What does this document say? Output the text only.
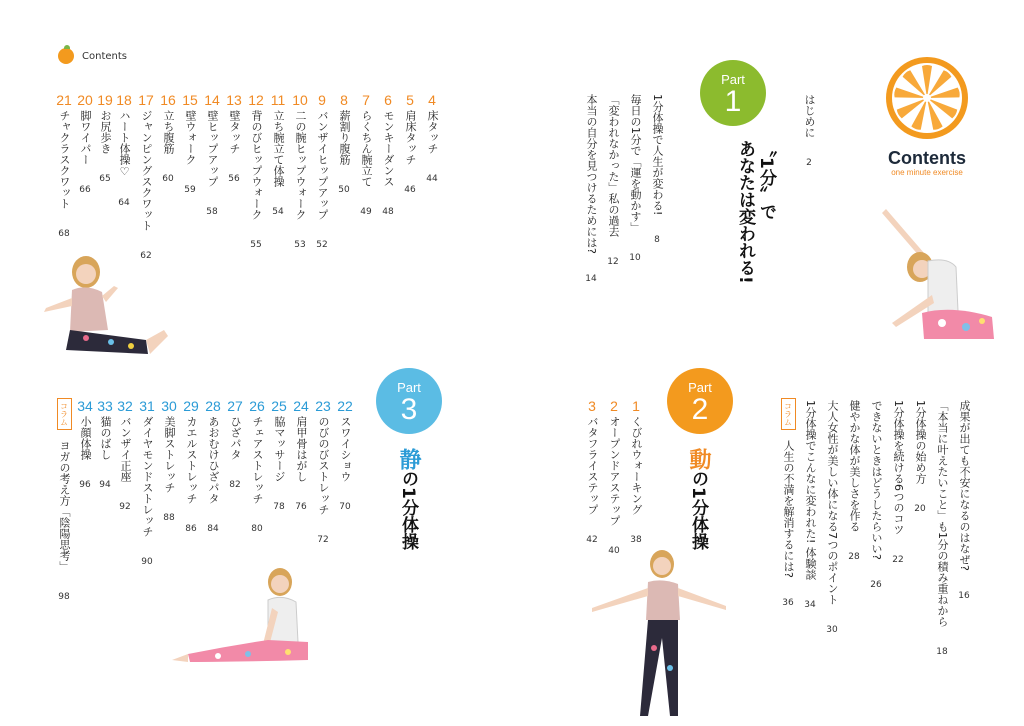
Contents
4
床タッチ44
5
肩床タッチ46
6
モンキーダンス48
7
らくちん腕立て49
8
薪割り腹筋50
9
バンザイヒップアップ52
10
二の腕ヒップウォーク53
11
立ち腕立て体操54
12
背のびヒップウォーク55
13
壁タッチ56
14
壁ヒップアップ58
15
壁ウォーク59
16
立ち腹筋60
17
ジャンピングスクワット62
18
ハート体操♡64
19
お尻歩き65
20
脚ワイパー66
21
チャクラスクワット68
Contents
one minute exercise
はじめに2
Part
1
〝1分〟で
あなたは変われる!
1分体操で人生が変わる!8
毎日の1分で「運を動かす」10
「変われなかった」私の過去12
本当の自分を見つけるためには?14
成果が出ても不安になるのはなぜ?16
「本当に叶えたいこと」も1分の積み重ねから18
1分体操の始め方20
1分体操を続ける6つのコツ22
できないときはどうしたらいい?26
健やかな体が美しさを作る28
大人女性が美しい体になる7つのポイント30
1分体操でこんなに変われた! 体験談34
コラム
人生の不満を解消するには?36
Part
2
動の1分体操
1
くびれウォーキング38
2
オープンドアステップ40
3
バタフライステップ42
Part
3
静の1分体操
22
スワイショウ70
23
のびのびストレッチ72
24
肩甲骨はがし76
25
脇マッサージ78
26
チェアストレッチ80
27
ひざパタ82
28
あおむけひざパタ84
29
カエルストレッチ86
30
美脚ストレッチ88
31
ダイヤモンドストレッチ90
32
バンザイ正座92
33
猫のばし94
34
小顔体操96
コラム
ヨガの考え方「陰陽思考」98
